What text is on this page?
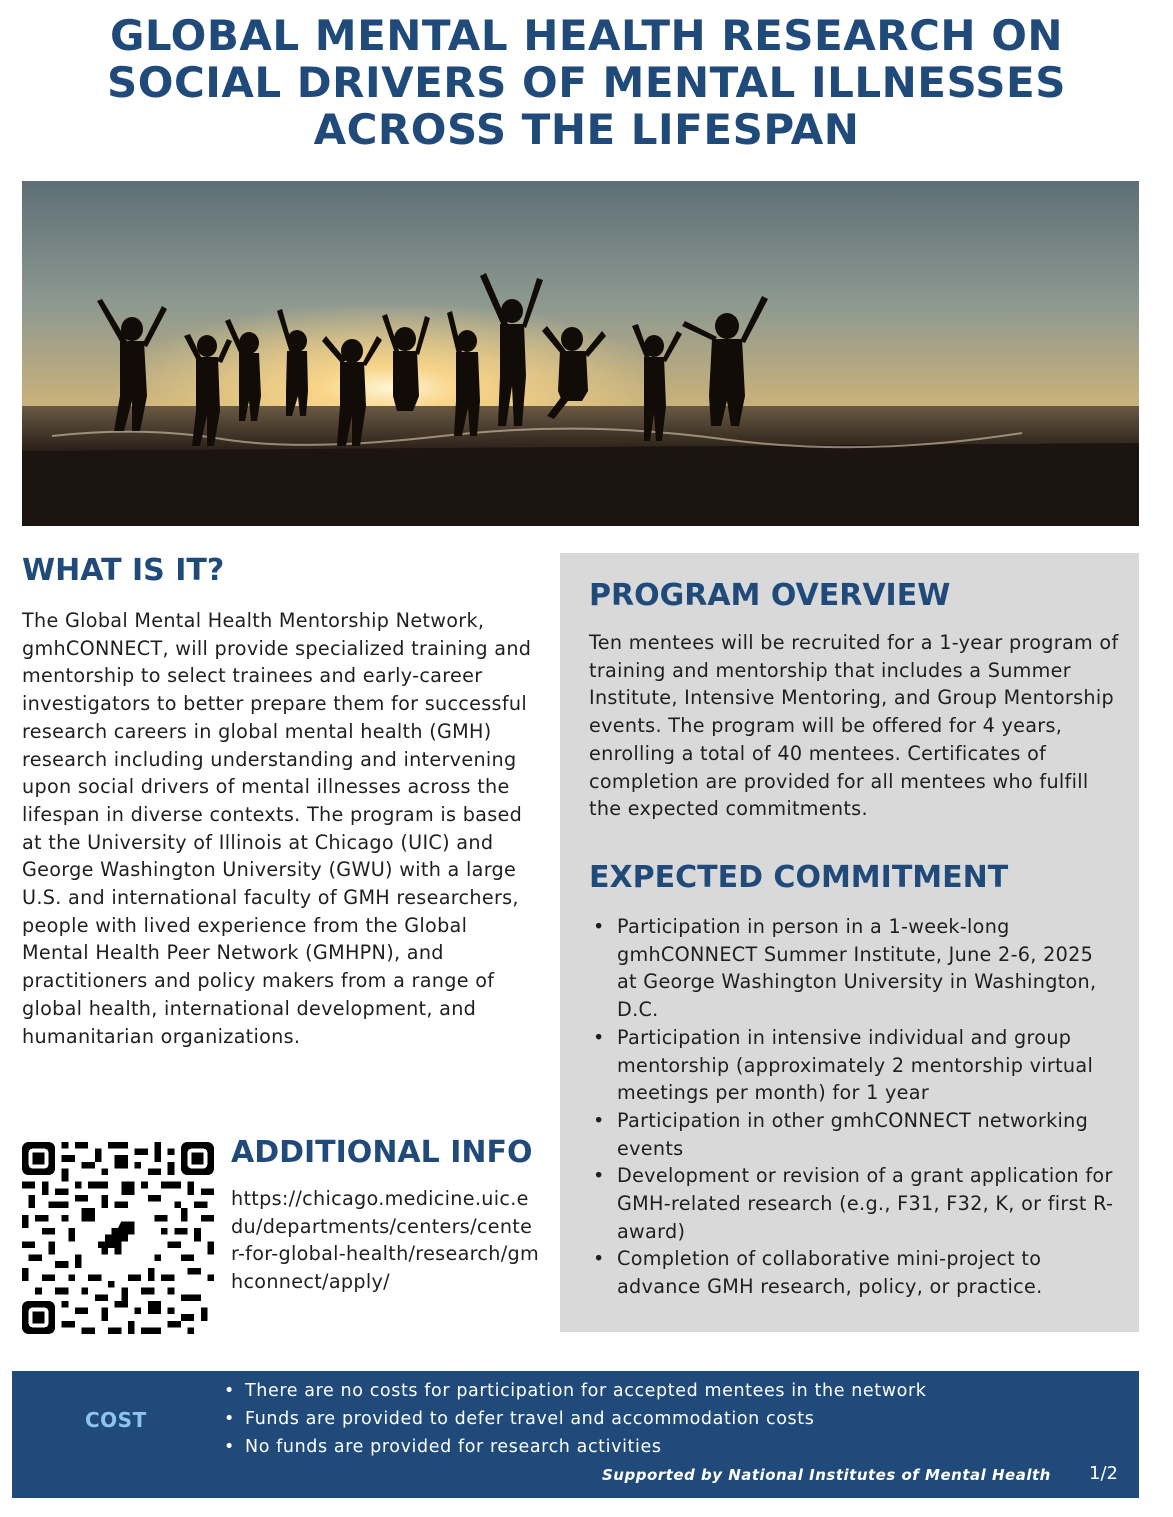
GLOBAL MENTAL HEALTH RESEARCH ON
SOCIAL DRIVERS OF MENTAL ILLNESSES
ACROSS THE LIFESPAN
WHAT IS IT?

The Global Mental Health Mentorship Network, gmhCONNECT, will provide specialized training and mentorship to select trainees and early-career investigators to better prepare them for successful research careers in global mental health (GMH) research including understanding and intervening upon social drivers of mental illnesses across the lifespan in diverse contexts. The program is based at the University of Illinois at Chicago (UIC) and George Washington University (GWU) with a large U.S. and international faculty of GMH researchers, people with lived experience from the Global Mental Health Peer Network (GMHPN), and practitioners and policy makers from a range of global health, international development, and humanitarian organizations.

ADDITIONAL INFO

https://chicago.medicine.uic.edu/departments/centers/center-for-global-health/research/gmhconnect/apply/

PROGRAM OVERVIEW

Ten mentees will be recruited for a 1-year program of training and mentorship that includes a Summer Institute, Intensive Mentoring, and Group Mentorship events. The program will be offered for 4 years, enrolling a total of 40 mentees. Certificates of completion are provided for all mentees who fulfill the expected commitments.

EXPECTED COMMITMENT
• Participation in person in a 1-week-long gmhCONNECT Summer Institute, June 2-6, 2025 at George Washington University in Washington, D.C.
• Participation in intensive individual and group mentorship (approximately 2 mentorship virtual meetings per month) for 1 year
• Participation in other gmhCONNECT networking events
• Development or revision of a grant application for GMH-related research (e.g., F31, F32, K, or first R-award)
• Completion of collaborative mini-project to advance GMH research, policy, or practice.
COST
• There are no costs for participation for accepted mentees in the network
• Funds are provided to defer travel and accommodation costs
• No funds are provided for research activities
Supported by National Institutes of Mental Health 1/2
